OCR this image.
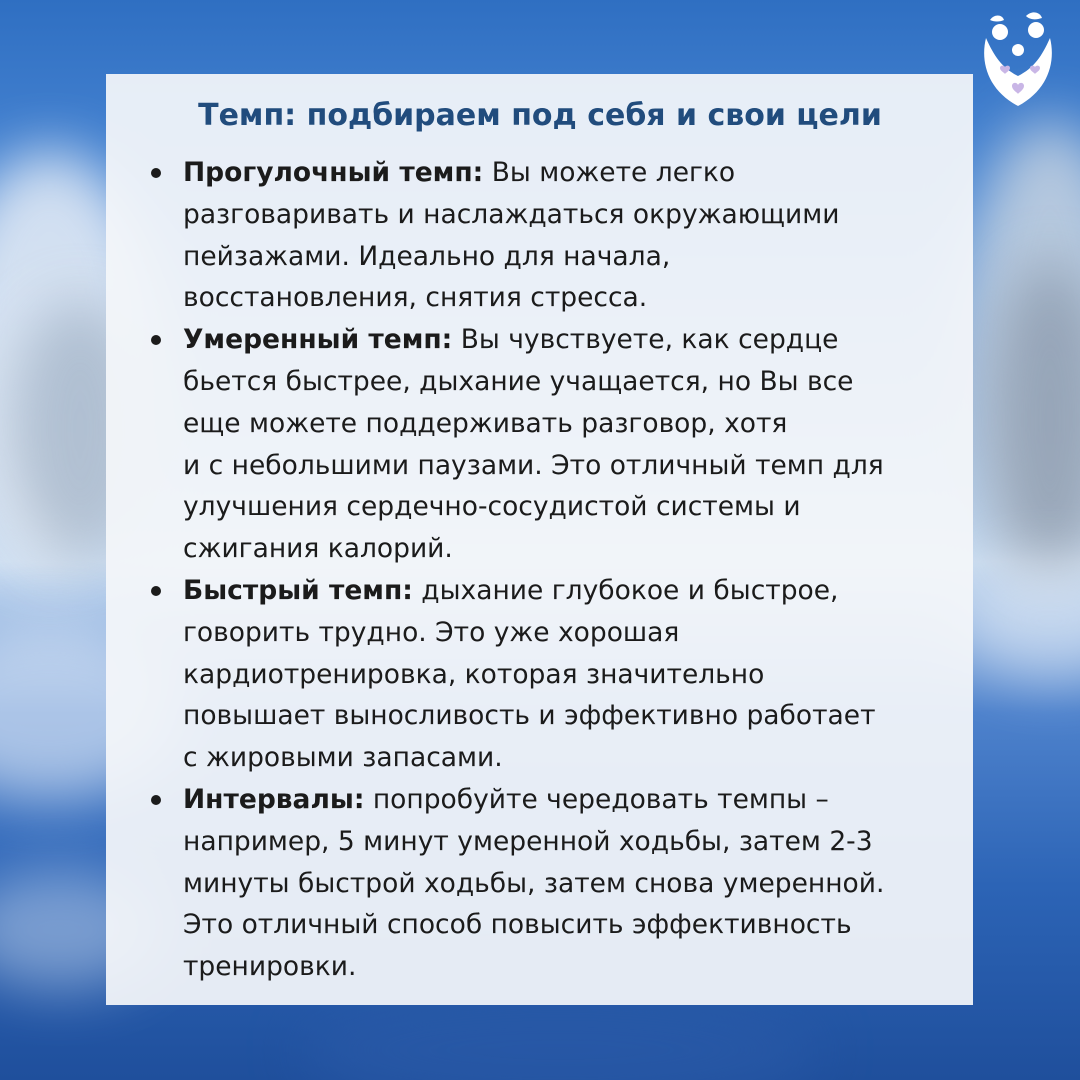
Темп: подбираем под себя и свои цели
Прогулочный темп: Вы можете легко
разговаривать и наслаждаться окружающими
пейзажами. Идеально для начала,
восстановления, снятия стресса.
Умеренный темп: Вы чувствуете, как сердце
бьется быстрее, дыхание учащается, но Вы все
еще можете поддерживать разговор, хотя
и с небольшими паузами. Это отличный темп для
улучшения сердечно-сосудистой системы и
сжигания калорий.
Быстрый темп: дыхание глубокое и быстрое,
говорить трудно. Это уже хорошая
кардиотренировка, которая значительно
повышает выносливость и эффективно работает
с жировыми запасами.
Интервалы: попробуйте чередовать темпы –
например, 5 минут умеренной ходьбы, затем 2-3
минуты быстрой ходьбы, затем снова умеренной.
Это отличный способ повысить эффективность
тренировки.
